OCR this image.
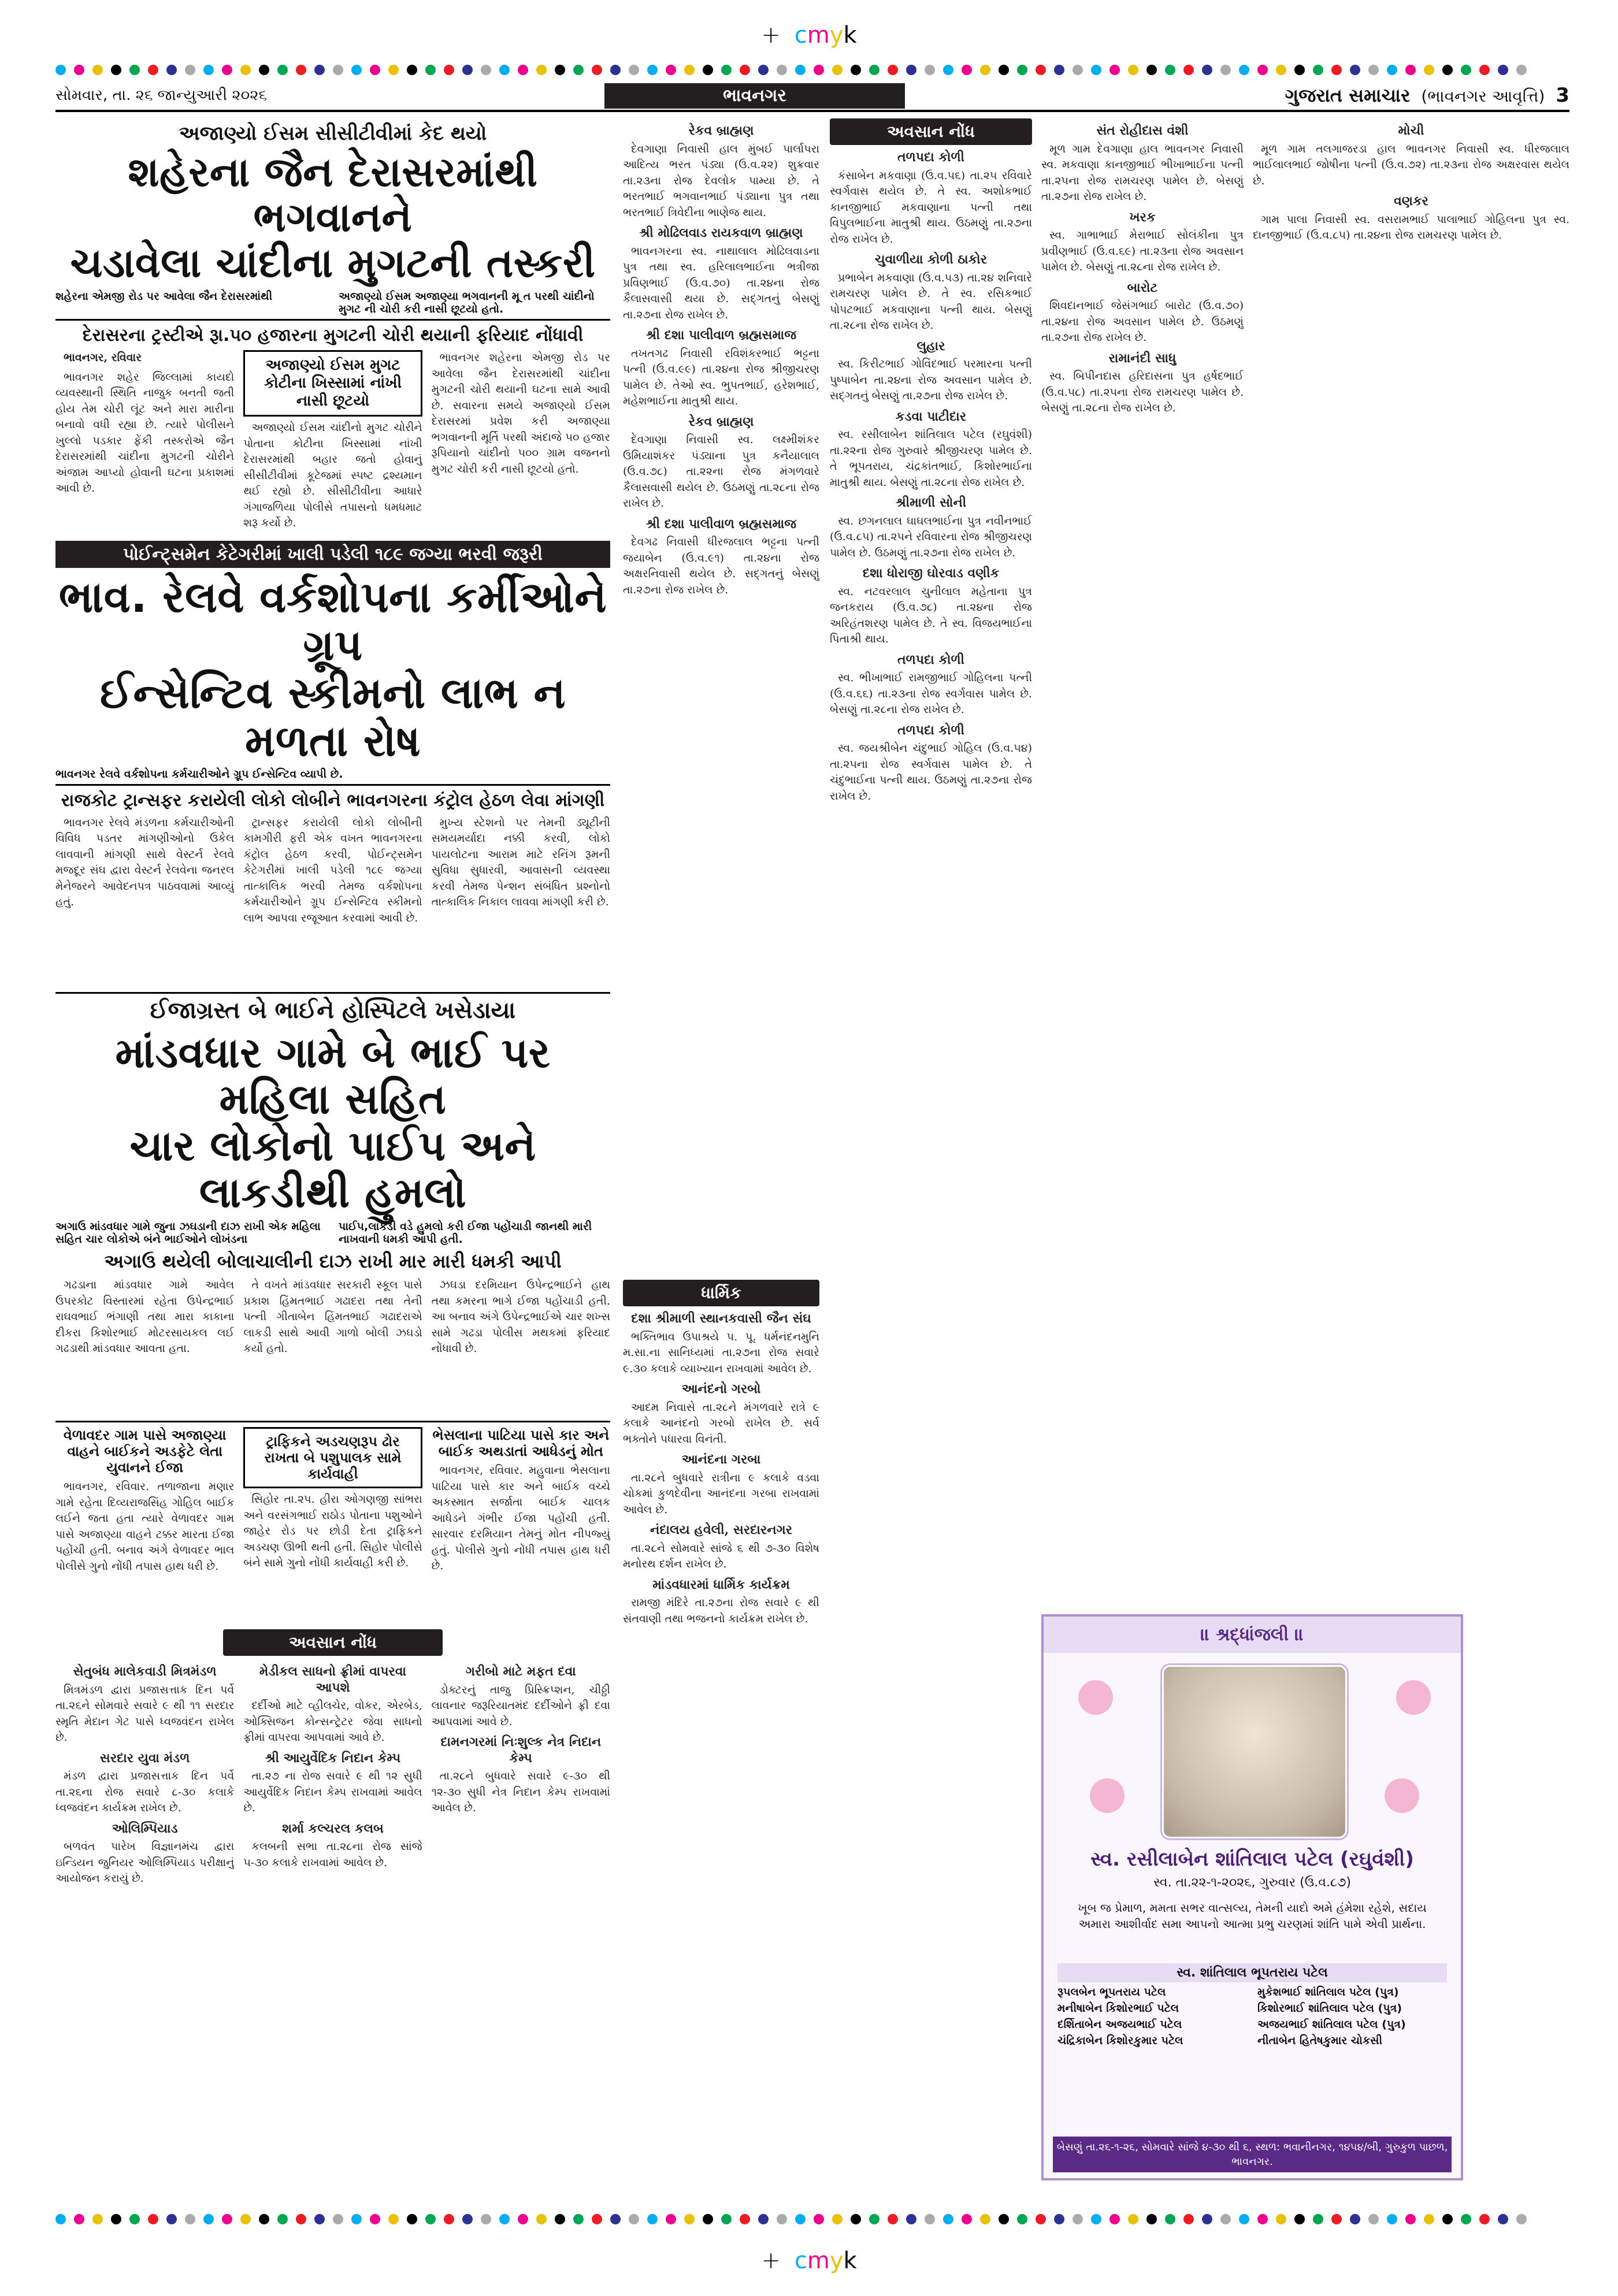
+ cmyk
સોમવાર, તા. ૨૬ જાન્યુઆરી ૨૦૨૬	ભાવનગર	ગુજરાત સમાચાર (ભાવનગર આવૃત્તિ) 3
અજાણ્યો ઈસમ સીસીટીવીમાં કેદ થયો
શહેરના જૈન દેરાસરમાંથી ભગવાનને
ચડાવેલા ચાંદીના મુગટની તસ્કરી
શહેરના એમજી રોડ પર આવેલા જૈન દેરાસરમાંથી	અજાણ્યો ઈસમ અજાણ્યા ભગવાનની મૂ ત પરથી ચાંદીનો મુગટ ની ચોરી કરી નાસી છૂટયો હતો.
દેરાસરના ટ્રસ્ટીએ રૂા.૫૦ હજારના મુગટની ચોરી થયાની ફરિયાદ નોંધાવી

ભાવનગર, રવિવાર

ભાવનગર શહેર જિલ્લામાં કાયદો વ્યવસ્થાની સ્થિતિ નાજુક બનતી જતી હોય તેમ ચોરી લૂંટ અને મારા મારીના બનાવો વધી રહ્યા છે. ત્યારે પોલીસને ખુલ્લો પડકાર ફેંકી તસ્કરોએ જૈન દેરાસરમાંથી ચાંદીના મુગટની ચોરીને અંજામ આપ્યો હોવાની ઘટના પ્રકાશમાં આવી છે.

અજાણ્યો ઈસમ મુગટ કોટીના ખિસ્સામાં નાંખી નાસી છૂટયો

અજાણ્યો ઈસમ ચાંદીનો મુગટ ચોરીને પોતાના કોટીના ખિસ્સામાં નાંખી દેરાસરમાંથી બહાર જતો હોવાનું સીસીટીવીમાં કૂટેજમાં સ્પષ્ટ દ્રશ્યમાન થઈ રહ્યો છે. સીસીટીવીના આધારે ગંગાજળિયા પોલીસે તપાસનો ધમધમાટ શરૂ કર્યો છે.

ભાવનગર શહેરના એમજી રોડ પર આવેલા જૈન દેરાસરમાંથી ચાંદીના મુગટની ચોરી થયાની ઘટના સામે આવી છે. સવારના સમયે અજાણ્યો ઈસમ દેરાસરમાં પ્રવેશ કરી અજાણ્યા ભગવાનની મૂર્તિ પરથી અંદાજે ૫૦ હજાર રૂપિયાનો ચાંદીનો ૫૦૦ ગ્રામ વજનનો મુગટ ચોરી કરી નાસી છૂટયો હતો.

પોઈન્ટ્સમેન કેટેગરીમાં ખાલી પડેલી ૧૮૯ જગ્યા ભરવી જરૂરી
ભાવ. રેલવે વર્કશોપના કર્મીઓને ગ્રૂપ
ઈન્સેન્ટિવ સ્કીમનો લાભ ન મળતા રોષ
ભાવનગર રેલવે વર્કશોપના કર્મચારીઓને ગ્રૂપ ઈન્સેન્ટિવ વ્યાપી છે.
રાજકોટ ટ્રાન્સફર કરાયેલી લોકો લોબીને ભાવનગરના કંટ્રોલ હેઠળ લેવા માંગણી

ભાવનગર રેલવે મંડળના કર્મચારીઓની વિવિધ પડતર માંગણીઓનો ઉકેલ લાવવાની માંગણી સાથે વેસ્ટર્ન રેલવે મજદૂર સંઘ દ્વારા વેસ્ટર્ન રેલવેના જનરલ મેનેજરને આવેદનપત્ર પાઠવવામાં આવ્યું હતું.

ટ્રાન્સફર કરાયેલી લોકો લોબીની કામગીરી ફરી એક વખત ભાવનગરના કંટ્રોલ હેઠળ કરવી, પોઈન્ટ્સમેન કેટેગરીમાં ખાલી પડેલી ૧૮૯ જગ્યા તાત્કાલિક ભરવી તેમજ વર્કશોપના કર્મચારીઓને ગ્રૂપ ઈન્સેન્ટિવ સ્કીમનો લાભ આપવા રજૂઆત કરવામાં આવી છે.

મુખ્ય સ્ટેશનો પર તેમની ડ્યૂટીની સમયમર્યાદા નક્કી કરવી, લોકો પાયલોટના આરામ માટે રનિંગ રૂમની સુવિધા સુધારવી, આવાસની વ્યવસ્થા કરવી તેમજ પેન્શન સંબંધિત પ્રશ્નોનો તાત્કાલિક નિકાલ લાવવા માંગણી કરી છે.

ઈજાગ્રસ્ત બે ભાઈને હોસ્પિટલે ખસેડાયા
માંડવધાર ગામે બે ભાઈ પર મહિલા સહિત
ચાર લોકોનો પાઈપ અને લાકડીથી હુમલો
અગાઉ માંડવધાર ગામે જુના ઝઘડાની દાઝ રાખી એક મહિલા સહિત ચાર લોકોએ બંને ભાઈઓને લોખંડના
પાઈપ,લાકડી વડે હુમલો કરી ઈજા પહોંચાડી જાનથી મારી નાખવાની ધમકી આપી હતી.
અગાઉ થયેલી બોલાચાલીની દાઝ રાખી માર મારી ધમકી આપી

ગઢડાના માંડવધાર ગામે આવેલ ઉપરકોટ વિસ્તારમાં રહેતા ઉપેન્દ્રભાઈ રાઘવભાઈ ભંગાણી તથા મારા કાકાના દીકરા કિશોરભાઈ મોટરસાયકલ લઈ ગઢડાથી માંડવધાર આવતા હતા.

તે વખતે માંડવધાર સરકારી સ્કૂલ પાસે પ્રકાશ હિંમતભાઈ ગઢાદરા તથા તેની પત્ની ગીતાબેન હિંમતભાઈ ગઢાદરાએ લાકડી સાથે આવી ગાળો બોલી ઝઘડો કર્યો હતો.

ઝઘડા દરમિયાન ઉપેન્દ્રભાઈને હાથ તથા કમરના ભાગે ઈજા પહોંચાડી હતી. આ બનાવ અંગે ઉપેન્દ્રભાઈએ ચાર શખ્સ સામે ગઢડા પોલીસ મથકમાં ફરિયાદ નોંધાવી છે.

વેળાવદર ગામ પાસે અજાણ્યા વાહને બાઈકને અડફેટે લેતા યુવાનને ઈજા

ભાવનગર, રવિવાર. તળાજાના મણાર ગામે રહેતા દિવ્યરાજસિંહ ગોહિલ બાઈક લઈને જતા હતા ત્યારે વેળાવદર ગામ પાસે અજાણ્યા વાહને ટક્કર મારતા ઈજા પહોંચી હતી. બનાવ અંગે વેળાવદર ભાલ પોલીસે ગુનો નોંધી તપાસ હાથ ધરી છે.

ટ્રાફિકને અડચણરૂપ ઢોર રાખતા બે પશુપાલક સામે કાર્યવાહી

સિહોર તા.૨૫. હીરા ઓગણજી સાંભરા અને વરસંગભાઈ રાઠોડ પોતાના પશુઓને જાહેર રોડ પર છોડી દેતા ટ્રાફિકને અડચણ ઊભી થતી હતી. સિહોર પોલીસે બંને સામે ગુનો નોંધી કાર્યવાહી કરી છે.

ભેસલાના પાટિયા પાસે કાર અને બાઈક અથડાતાં આધેડનું મોત

ભાવનગર, રવિવાર. મહુવાના ભેસલાના પાટિયા પાસે કાર અને બાઈક વચ્ચે અકસ્માત સર્જાતા બાઈક ચાલક આધેડને ગંભીર ઈજા પહોંચી હતી. સારવાર દરમિયાન તેમનું મોત નીપજ્યું હતું. પોલીસે ગુનો નોંધી તપાસ હાથ ધરી છે.

અવસાન નોંધ
સેતુબંધ માલેકવાડી મિત્રમંડળ

મિત્રમંડળ દ્વારા પ્રજાસત્તાક દિન પર્વે તા.૨૬ને સોમવારે સવારે ૯ થી ૧૧ સરદાર સ્મૃતિ મેદાન ગેટ પાસે ધ્વજવંદન રાખેલ છે.

સરદાર યુવા મંડળ

મંડળ દ્વારા પ્રજાસત્તાક દિન પર્વે તા.૨૬ના રોજ સવારે ૮-૩૦ કલાકે ધ્વજવંદન કાર્યક્રમ રાખેલ છે.

ઓલિમ્પિયાડ

બળવંત પારેખ વિજ્ઞાનમંચ દ્વારા ઇન્ડિયન જુનિયર ઓલિમ્પિયાડ પરીક્ષાનું આયોજન કરાયું છે.

મેડીકલ સાધનો ફ્રીમાં વાપરવા આપશે

દર્દીઓ માટે વ્હીલચેર, વોકર, એરબેડ, ઓક્સિજન કોન્સન્ટ્રેટર જેવા સાધનો ફ્રીમાં વાપરવા આપવામાં આવે છે.

શ્રી આયુર્વેદિક નિદાન કેમ્પ

તા.૨૭ ના રોજ સવારે ૯ થી ૧૨ સુધી આયુર્વેદિક નિદાન કેમ્પ રાખવામાં આવેલ છે.

શર્મા કલ્ચરલ કલબ

કલબની સભા તા.૨૮ના રોજ સાંજે ૫-૩૦ કલાકે રાખવામાં આવેલ છે.

ગરીબો માટે મફત દવા

ડોક્ટરનું તાજુ પ્રિસ્ક્રિપ્શન, ચીઠ્ઠી લાવનાર જરૂરિયાતમંદ દર્દીઓને ફ્રી દવા આપવામાં આવે છે.

દામનગરમાં નિઃશુલ્ક નેત્ર નિદાન કેમ્પ

તા.૨૮ને બુધવારે સવારે ૯-૩૦ થી ૧૨-૩૦ સુધી નેત્ર નિદાન કેમ્પ રાખવામાં આવેલ છે.

રેકવ બ્રાહ્મણ

દેવગાણા નિવાસી હાલ મુંબઈ પાર્લાપરા આદિત્ય ભરત પંડ્યા (ઉ.વ.૨૨) શુક્રવાર તા.૨૩ના રોજ દેવલોક પામ્યા છે. તે ભરતભાઈ ભગવાનભાઈ પંડ્યાના પુત્ર તથા ભરતભાઈ ત્રિવેદીના ભાણેજ થાય.

શ્રી મોઢિલવાડ રાયકવાળ બ્રાહ્મણ

ભાવનગરના સ્વ. નાથાલાલ મોઢિલવાડના પુત્ર તથા સ્વ. હરિલાલભાઈના ભત્રીજા પ્રવિણભાઈ (ઉ.વ.૭૦) તા.૨૪ના રોજ કૈલાસવાસી થયા છે. સદ્ગતનું બેસણું તા.૨૭ના રોજ રાખેલ છે.

શ્રી દશા પાલીવાળ બ્રહ્મસમાજ

તખતગઢ નિવાસી રવિશંકરભાઈ ભટ્ટના પત્ની (ઉ.વ.૯૯) તા.૨૪ના રોજ શ્રીજીચરણ પામેલ છે. તેઓ સ્વ. ભુપતભાઈ, હરેશભાઈ, મહેશભાઈના માતુશ્રી થાય.

રેકવ બ્રાહ્મણ

દેવગાણા નિવાસી સ્વ. લક્ષ્મીશંકર ઉમિયાશંકર પંડ્યાના પુત્ર કનૈયાલાલ (ઉ.વ.૭૮) તા.૨૨ના રોજ મંગળવારે કૈલાસવાસી થયેલ છે. ઉઠમણું તા.૨૮ના રોજ રાખેલ છે.

શ્રી દશા પાલીવાળ બ્રહ્મસમાજ

દેવગઢ નિવાસી ધીરજલાલ ભટ્ટના પત્ની જયાબેન (ઉ.વ.૯૧) તા.૨૪ના રોજ અક્ષરનિવાસી થયેલ છે. સદ્ગતનું બેસણું તા.૨૭ના રોજ રાખેલ છે.

ધાર્મિક
દશા શ્રીમાળી સ્થાનકવાસી જૈન સંઘ

ભક્તિભાવ ઉપાશ્રયે પ. પૂ. ધર્મનંદનમુનિ મ.સા.ના સાનિધ્યમાં તા.૨૭ના રોજ સવારે ૯.૩૦ કલાકે વ્યાખ્યાન રાખવામાં આવેલ છે.

આનંદનો ગરબો

આદમ નિવાસે તા.૨૮ને મંગળવારે રાત્રે ૯ કલાકે આનંદનો ગરબો રાખેલ છે. સર્વ ભક્તોને પધારવા વિનંતી.

આનંદના ગરબા

તા.૨૮ને બુધવારે રાત્રીના ૯ કલાકે વડવા ચોકમાં કુળદેવીના આનંદના ગરબા રાખવામાં આવેલ છે.

નંદાલય હવેલી, સરદારનગર

તા.૨૮ને સોમવારે સાંજે ૬ થી ૭-૩૦ વિશેષ મનોરથ દર્શન રાખેલ છે.

માંડવધારમાં ધાર્મિક કાર્યક્રમ

રામજી મંદિરે તા.૨૭ના રોજ સવારે ૯ થી સંતવાણી તથા ભજનનો કાર્યક્રમ રાખેલ છે.

અવસાન નોંધ
તળપદા કોળી

કંસાબેન મકવાણા (ઉ.વ.૫૬) તા.૨૫ રવિવારે સ્વર્ગવાસ થયેલ છે. તે સ્વ. અશોકભાઈ કાનજીભાઈ મકવાણાના પત્ની તથા વિપુલભાઈના માતુશ્રી થાય. ઉઠમણું તા.૨૭ના રોજ રાખેલ છે.

ચુવાળીયા કોળી ઠાકોર

પ્રભાબેન મકવાણા (ઉ.વ.૫૩) તા.૨૪ શનિવારે રામચરણ પામેલ છે. તે સ્વ. રસિકભાઈ પોપટભાઈ મકવાણાના પત્ની થાય. બેસણું તા.૨૮ના રોજ રાખેલ છે.

લુહાર

સ્વ. કિરીટભાઈ ગોવિંદભાઈ પરમારના પત્ની પુષ્પાબેન તા.૨૪ના રોજ અવસાન પામેલ છે. સદ્ગતનું બેસણું તા.૨૭ના રોજ રાખેલ છે.

કડવા પાટીદાર

સ્વ. રસીલાબેન શાંતિલાલ પટેલ (રઘુવંશી) તા.૨૨ના રોજ ગુરુવારે શ્રીજીચરણ પામેલ છે. તે ભૂપતરાય, ચંદ્રકાંતભાઈ, કિશોરભાઈના માતુશ્રી થાય. બેસણું તા.૨૮ના રોજ રાખેલ છે.

શ્રીમાળી સોની

સ્વ. છગનલાલ ઘાઘલભાઈના પુત્ર નવીનભાઈ (ઉ.વ.૮૫) તા.૨૫ને રવિવારના રોજ શ્રીજીચરણ પામેલ છે. ઉઠમણું તા.૨૭ના રોજ રાખેલ છે.

દશા ધોરાજી ઘોરવાડ વણીક

સ્વ. નટવરલાલ ચુનીલાલ મહેતાના પુત્ર જનકરાય (ઉ.વ.૭૮) તા.૨૪ના રોજ અરિહંતશરણ પામેલ છે. તે સ્વ. વિજયભાઈના પિતાશ્રી થાય.

તળપદા કોળી

સ્વ. ભીખાભાઈ રામજીભાઈ ગોહિલના પત્ની (ઉ.વ.૬૬) તા.૨૩ના રોજ સ્વર્ગવાસ પામેલ છે. બેસણું તા.૨૮ના રોજ રાખેલ છે.

તળપદા કોળી

સ્વ. જયશ્રીબેન ચંદુભાઈ ગોહિલ (ઉ.વ.૫૪) તા.૨૫ના રોજ સ્વર્ગવાસ પામેલ છે. તે ચંદુભાઈના પત્ની થાય. ઉઠમણું તા.૨૭ના રોજ રાખેલ છે.

સંત રોહીદાસ વંશી

મૂળ ગામ દેવગાણા હાલ ભાવનગર નિવાસી સ્વ. મકવાણા કાનજીભાઈ ભીખાભાઈના પત્ની તા.૨૫ના રોજ રામચરણ પામેલ છે. બેસણું તા.૨૭ના રોજ રાખેલ છે.

ખરક

સ્વ. ગાભાભાઈ મેરાભાઈ સોલંકીના પુત્ર પ્રવીણભાઈ (ઉ.વ.૬૯) તા.૨૩ના રોજ અવસાન પામેલ છે. બેસણું તા.૨૮ના રોજ રાખેલ છે.

બારોટ

શિવદાનભાઈ જેસંગભાઈ બારોટ (ઉ.વ.૭૦) તા.૨૪ના રોજ અવસાન પામેલ છે. ઉઠમણું તા.૨૭ના રોજ રાખેલ છે.

રામાનંદી સાધુ

સ્વ. બિપીનદાસ હરિદાસના પુત્ર હર્ષદભાઈ (ઉ.વ.૫૮) તા.૨૫ના રોજ રામચરણ પામેલ છે. બેસણું તા.૨૮ના રોજ રાખેલ છે.

મોચી

મૂળ ગામ તલગાજરડા હાલ ભાવનગર નિવાસી સ્વ. ધીરજલાલ ભાઈલાલભાઈ જોષીના પત્ની (ઉ.વ.૭૨) તા.૨૩ના રોજ અક્ષરવાસ થયેલ છે.

વણકર

ગામ પાલા નિવાસી સ્વ. વસરામભાઈ પાલાભાઈ ગોહિલના પુત્ર સ્વ. દાનજીભાઈ (ઉ.વ.૮૫) તા.૨૪ના રોજ રામચરણ પામેલ છે.

॥ શ્રદ્ધાંજલી ॥
સ્વ. રસીલાબેન શાંતિલાલ પટેલ (રઘુવંશી)
સ્વ. તા.૨૨-૧-૨૦૨૬, ગુરુવાર (ઉ.વ.૮૭)
ખૂબ જ પ્રેમાળ, મમતા સભર વાત્સલ્ય, તેમની યાદો અમે હંમેશા રહેશે, સદાય અમારા આશીર્વાદ સમા આપનો આત્મા પ્રભુ ચરણમાં શાંતિ પામે એવી પ્રાર્થના.
સ્વ. શાંતિલાલ ભૂપતરાય પટેલ
રૂપલબેન ભૂપતરાય પટેલ	મુકેશભાઈ શાંતિલાલ પટેલ (પુત્ર)
મનીષાબેન કિશોરભાઈ પટેલ	કિશોરભાઈ શાંતિલાલ પટેલ (પુત્ર)
દર્શિતાબેન અજયભાઈ પટેલ	અજયભાઈ શાંતિલાલ પટેલ (પુત્ર)
ચંદ્રિકાબેન કિશોરકુમાર પટેલ	નીતાબેન હિતેષકુમાર ચોકસી
બેસણું તા.૨૬-૧-૨૬, સોમવારે સાંજે ૪-૩૦ થી ૬, સ્થળ: ભવાનીનગર, ૧૪૫૪/બી, ગુરુકુળ પાછળ, ભાવનગર.
+ cmyk
